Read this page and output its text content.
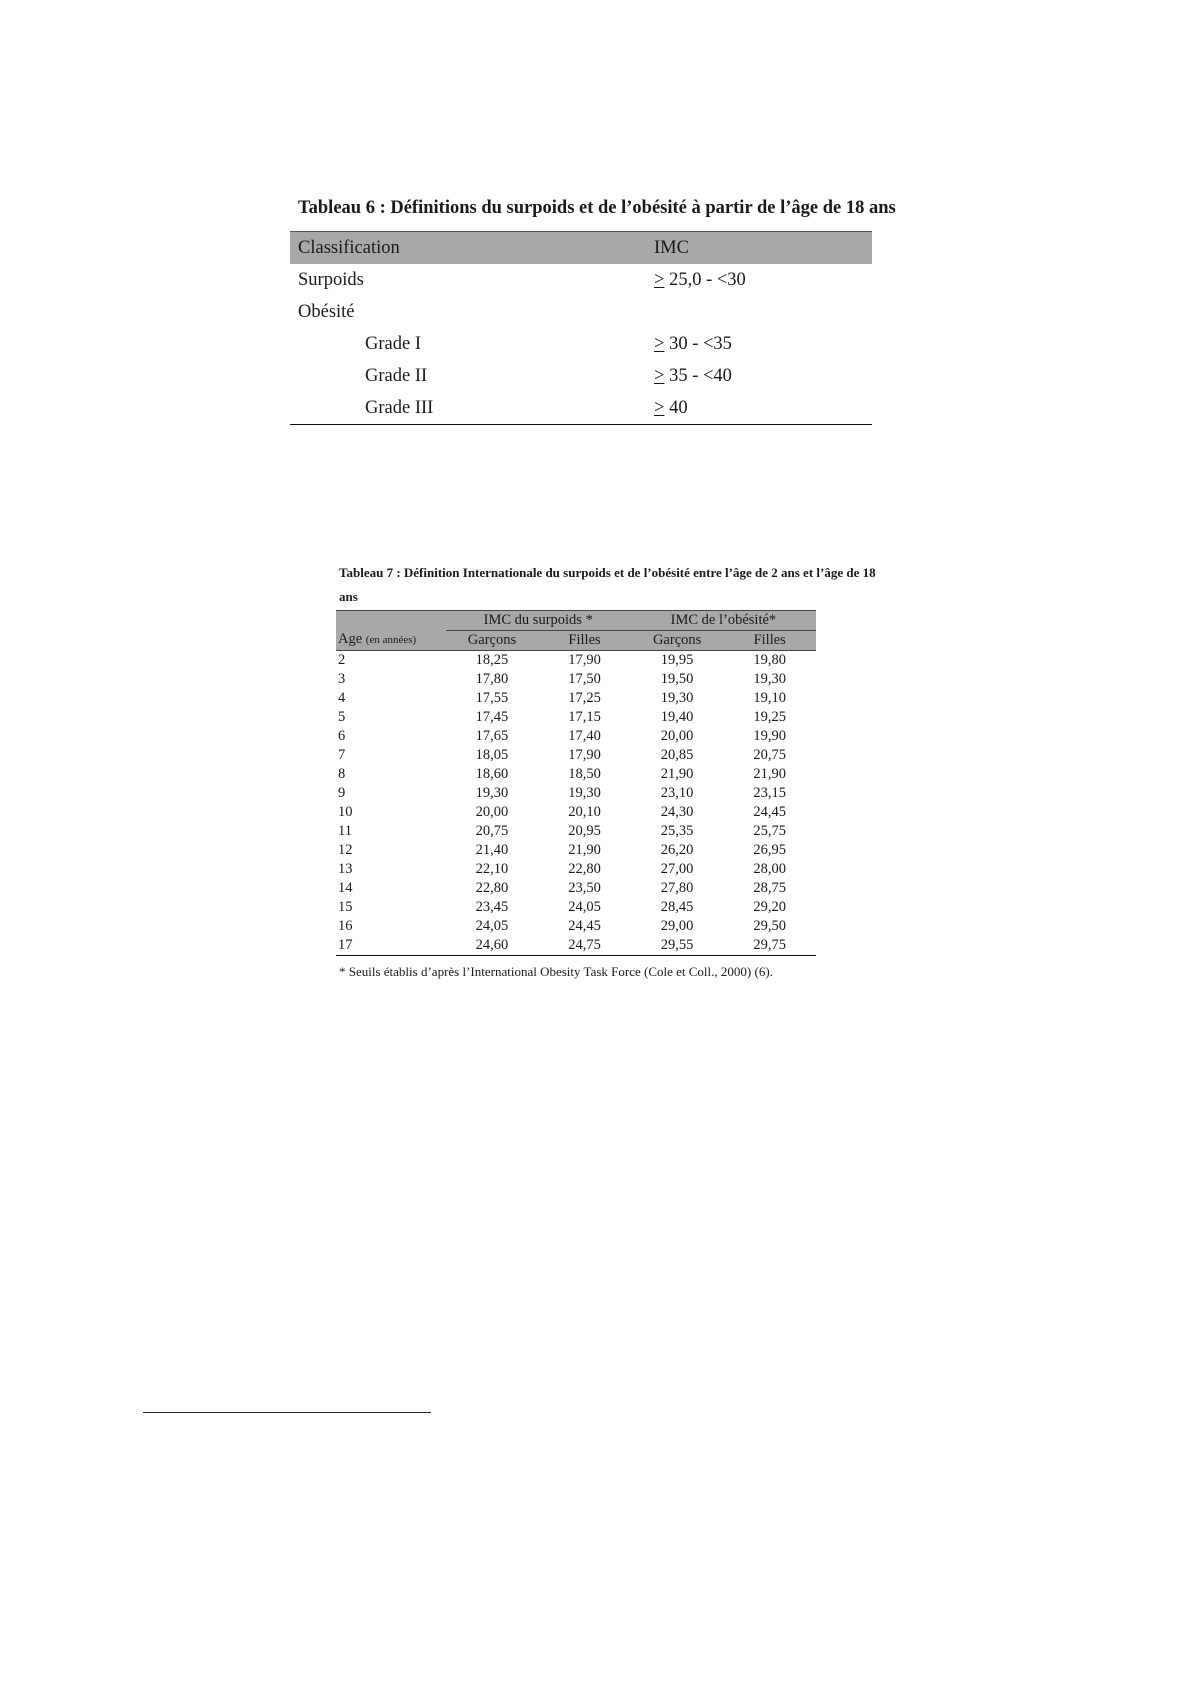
Tableau 6 : Définitions du surpoids et de l’obésité à partir de l’âge de 18 ans
Classification	IMC
Surpoids	> 25,0 - <30
Obésité	
Grade I	> 30 - <35
Grade II	> 35 - <40
Grade III	> 40
Tableau 7 : Définition Internationale du surpoids et de l’obésité entre l’âge de 2 ans et l’âge de 18 ans
	IMC du surpoids *		IMC de l’obésité*	
Age (en années)	Garçons	Filles	Garçons	Filles
2	18,25	17,90	19,95	19,80
3	17,80	17,50	19,50	19,30
4	17,55	17,25	19,30	19,10
5	17,45	17,15	19,40	19,25
6	17,65	17,40	20,00	19,90
7	18,05	17,90	20,85	20,75
8	18,60	18,50	21,90	21,90
9	19,30	19,30	23,10	23,15
10	20,00	20,10	24,30	24,45
11	20,75	20,95	25,35	25,75
12	21,40	21,90	26,20	26,95
13	22,10	22,80	27,00	28,00
14	22,80	23,50	27,80	28,75
15	23,45	24,05	28,45	29,20
16	24,05	24,45	29,00	29,50
17	24,60	24,75	29,55	29,75
* Seuils établis d’après l’International Obesity Task Force (Cole et Coll., 2000) (6).
